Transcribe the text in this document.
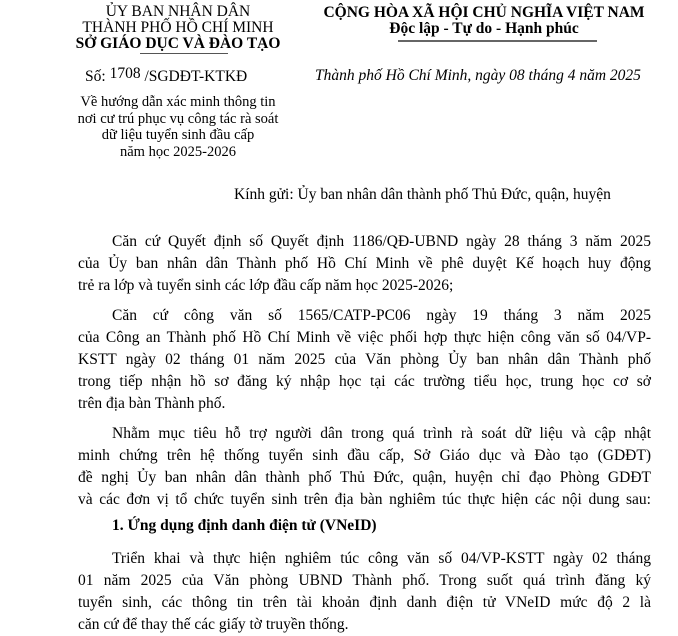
ỦY BAN NHÂN DÂN
THÀNH PHỐ HỒ CHÍ MINH
SỞ GIÁO DỤC VÀ ĐÀO TẠO
Số: 1708 /SGDĐT-KTKĐ
Về hướng dẫn xác minh thông tin
nơi cư trú phục vụ công tác rà soát
dữ liệu tuyển sinh đầu cấp
năm học 2025-2026
CỘNG HÒA XÃ HỘI CHỦ NGHĨA VIỆT NAM
Độc lập - Tự do - Hạnh phúc
Thành phố Hồ Chí Minh, ngày 08 tháng 4 năm 2025
Kính gửi: Ủy ban nhân dân thành phố Thủ Đức, quận, huyện
Căn cứ Quyết định số Quyết định 1186/QĐ-UBND ngày 28 tháng 3 năm 2025
của Ủy ban nhân dân Thành phố Hồ Chí Minh về phê duyệt Kế hoạch huy động
trẻ ra lớp và tuyển sinh các lớp đầu cấp năm học 2025-2026;
Căn cứ công văn số 1565/CATP-PC06 ngày 19 tháng 3 năm 2025
của Công an Thành phố Hồ Chí Minh về việc phối hợp thực hiện công văn số 04/VP-
KSTT ngày 02 tháng 01 năm 2025 của Văn phòng Ủy ban nhân dân Thành phố
trong tiếp nhận hồ sơ đăng ký nhập học tại các trường tiểu học, trung học cơ sở
trên địa bàn Thành phố.
Nhằm mục tiêu hỗ trợ người dân trong quá trình rà soát dữ liệu và cập nhật
minh chứng trên hệ thống tuyển sinh đầu cấp, Sở Giáo dục và Đào tạo (GDĐT)
đề nghị Ủy ban nhân dân thành phố Thủ Đức, quận, huyện chỉ đạo Phòng GDĐT
và các đơn vị tổ chức tuyển sinh trên địa bàn nghiêm túc thực hiện các nội dung sau:
1. Ứng dụng định danh điện tử (VNeID)
Triển khai và thực hiện nghiêm túc công văn số 04/VP-KSTT ngày 02 tháng
01 năm 2025 của Văn phòng UBND Thành phố. Trong suốt quá trình đăng ký
tuyển sinh, các thông tin trên tài khoản định danh điện tử VNeID mức độ 2 là
căn cứ để thay thế các giấy tờ truyền thống.
